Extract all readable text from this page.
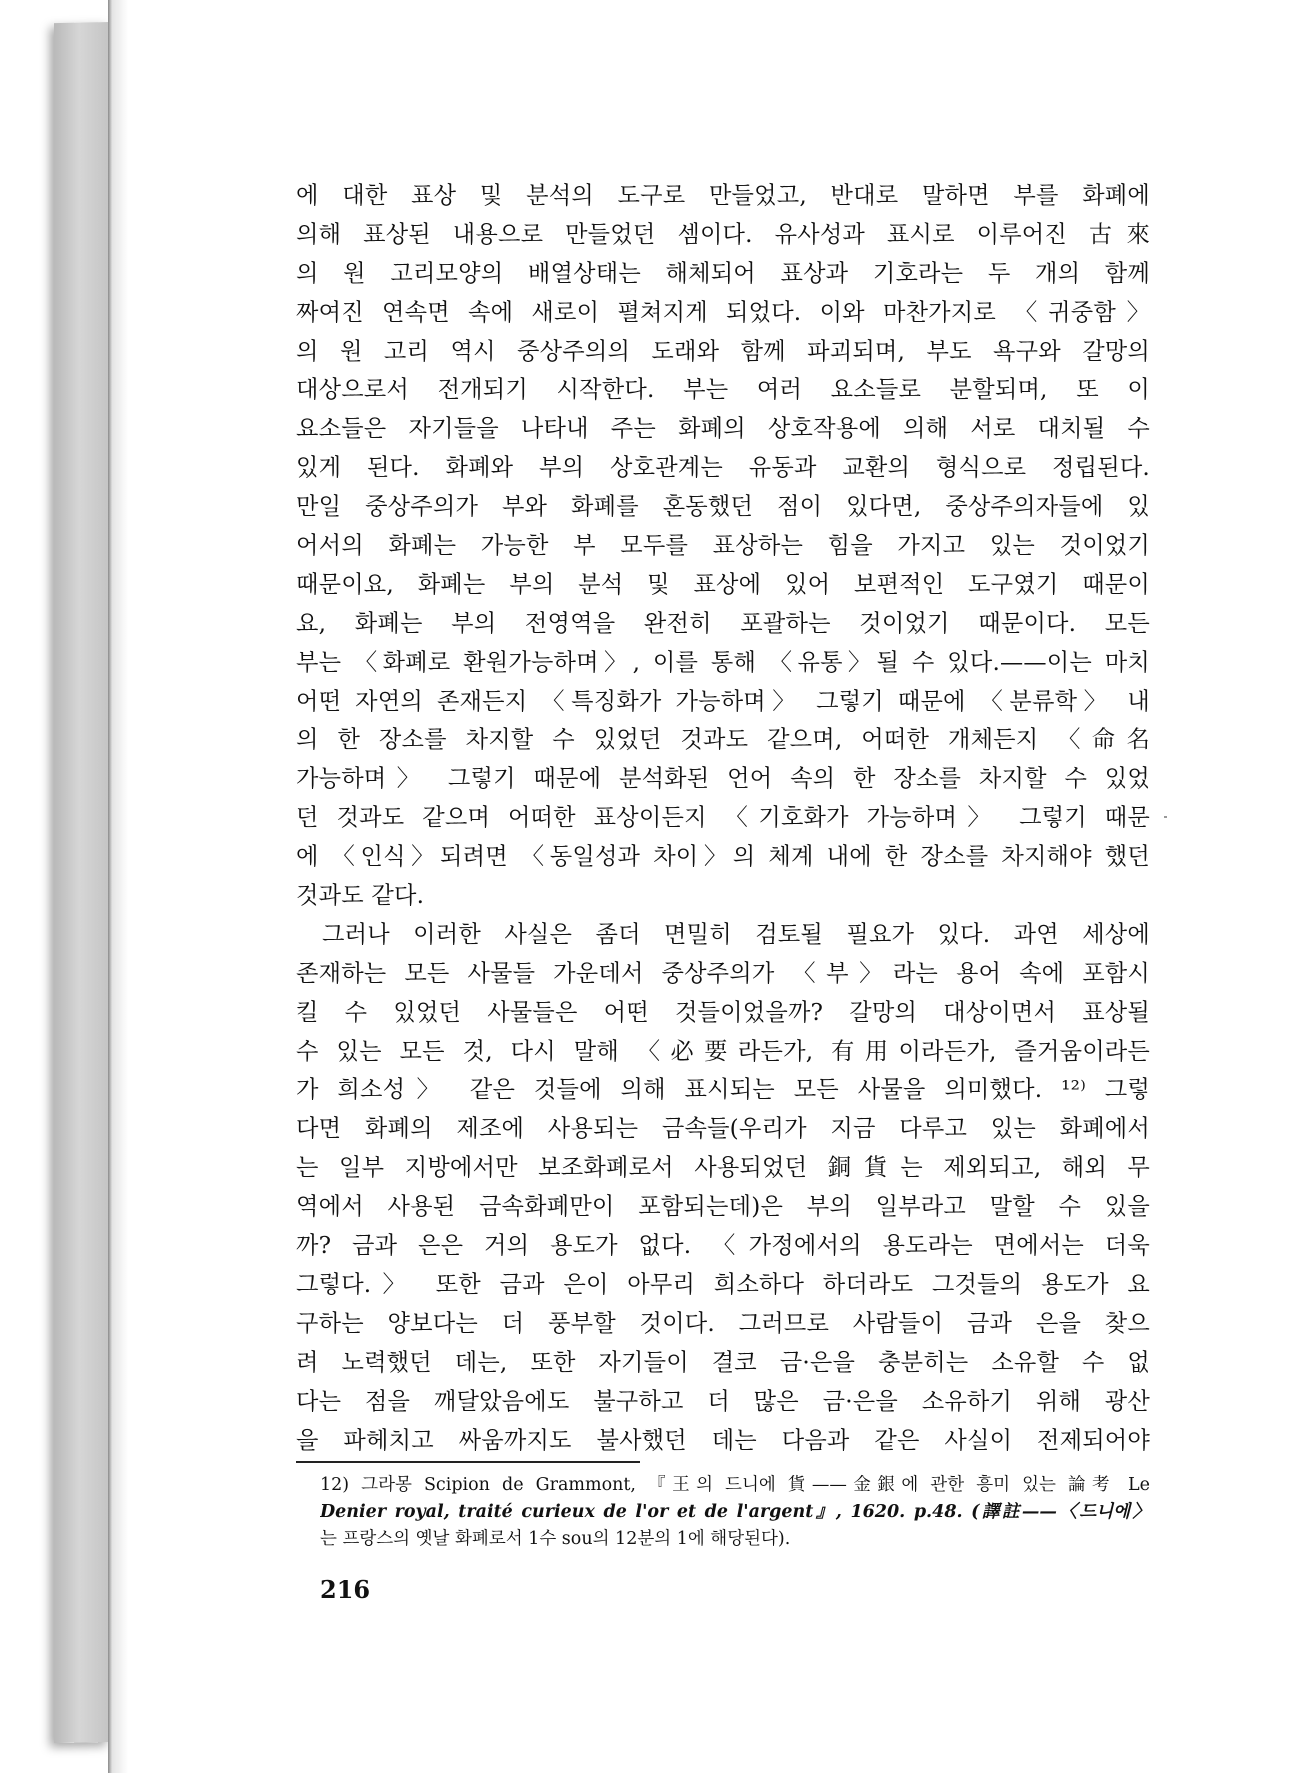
에 대한 표상 및 분석의 도구로 만들었고, 반대로 말하면 부를 화폐에
의해 표상된 내용으로 만들었던 셈이다. 유사성과 표시로 이루어진 古來
의 원 고리모양의 배열상태는 해체되어 표상과 기호라는 두 개의 함께
짜여진 연속면 속에 새로이 펼쳐지게 되었다. 이와 마찬가지로 〈귀중함〉
의 원 고리 역시 중상주의의 도래와 함께 파괴되며, 부도 욕구와 갈망의
대상으로서 전개되기 시작한다. 부는 여러 요소들로 분할되며, 또 이
요소들은 자기들을 나타내 주는 화폐의 상호작용에 의해 서로 대치될 수
있게 된다. 화폐와 부의 상호관계는 유동과 교환의 형식으로 정립된다.
만일 중상주의가 부와 화폐를 혼동했던 점이 있다면, 중상주의자들에 있
어서의 화폐는 가능한 부 모두를 표상하는 힘을 가지고 있는 것이었기
때문이요, 화폐는 부의 분석 및 표상에 있어 보편적인 도구였기 때문이
요, 화폐는 부의 전영역을 완전히 포괄하는 것이었기 때문이다. 모든
부는 〈화폐로 환원가능하며〉, 이를 통해 〈유통〉될 수 있다.——이는 마치
어떤 자연의 존재든지 〈특징화가 가능하며〉 그렇기 때문에 〈분류학〉 내
의 한 장소를 차지할 수 있었던 것과도 같으며, 어떠한 개체든지 〈命名
가능하며〉 그렇기 때문에 분석화된 언어 속의 한 장소를 차지할 수 있었
던 것과도 같으며 어떠한 표상이든지 〈기호화가 가능하며〉 그렇기 때문
에 〈인식〉되려면 〈동일성과 차이〉의 체계 내에 한 장소를 차지해야 했던
것과도 같다.
그러나 이러한 사실은 좀더 면밀히 검토될 필요가 있다. 과연 세상에
존재하는 모든 사물들 가운데서 중상주의가 〈부〉라는 용어 속에 포함시
킬 수 있었던 사물들은 어떤 것들이었을까? 갈망의 대상이면서 표상될
수 있는 모든 것, 다시 말해 〈必要라든가, 有用이라든가, 즐거움이라든
가 희소성〉 같은 것들에 의해 표시되는 모든 사물을 의미했다. ¹²⁾ 그렇
다면 화폐의 제조에 사용되는 금속들(우리가 지금 다루고 있는 화폐에서
는 일부 지방에서만 보조화폐로서 사용되었던 銅貨는 제외되고, 해외 무
역에서 사용된 금속화폐만이 포함되는데)은 부의 일부라고 말할 수 있을
까? 금과 은은 거의 용도가 없다. 〈가정에서의 용도라는 면에서는 더욱
그렇다.〉 또한 금과 은이 아무리 희소하다 하더라도 그것들의 용도가 요
구하는 양보다는 더 풍부할 것이다. 그러므로 사람들이 금과 은을 찾으
려 노력했던 데는, 또한 자기들이 결코 금·은을 충분히는 소유할 수 없
다는 점을 깨달았음에도 불구하고 더 많은 금·은을 소유하기 위해 광산
을 파헤치고 싸움까지도 불사했던 데는 다음과 같은 사실이 전제되어야
12) 그라몽 Scipion de Grammont, 『王의 드니에 貨——金銀에 관한 흥미 있는 論考 Le
Denier royal, traité curieux de l'or et de l'argent』, 1620. p.48. (譯註——〈드니에〉
는 프랑스의 옛날 화폐로서 1수 sou의 12분의 1에 해당된다).
216
